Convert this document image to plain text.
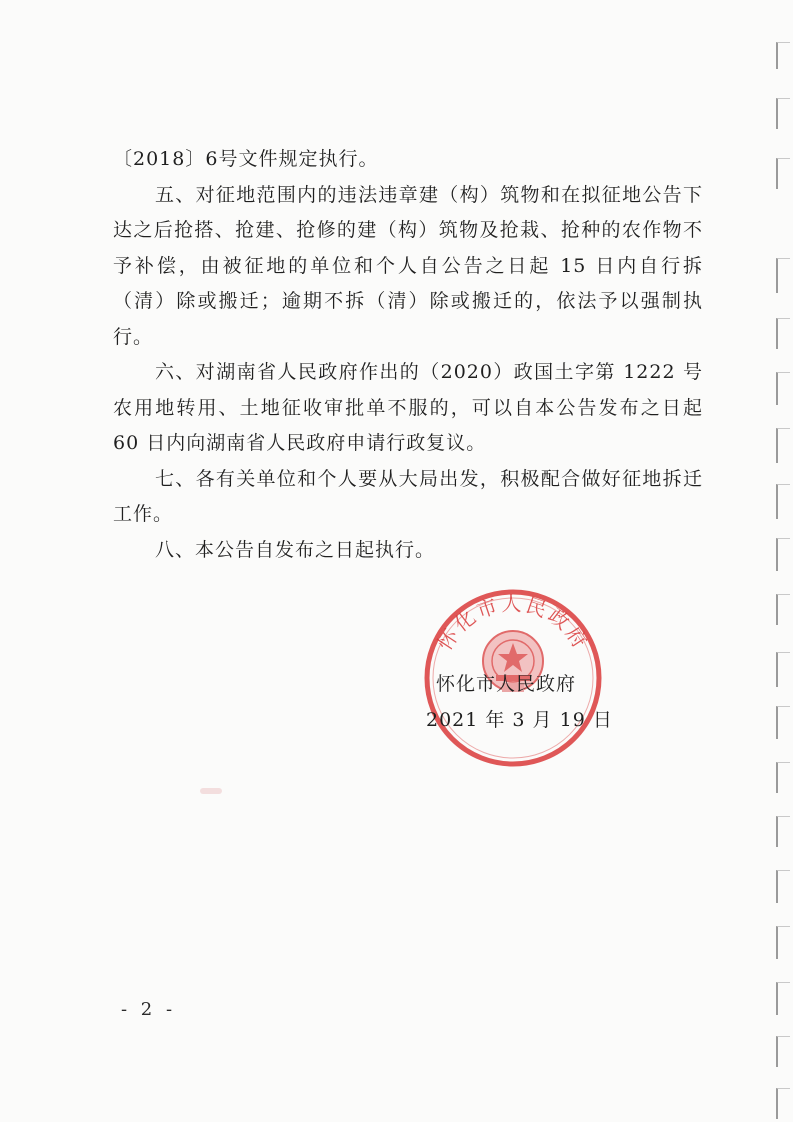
〔2018〕6号文件规定执行。

五、对征地范围内的违法违章建（构）筑物和在拟征地公告下达之后抢搭、抢建、抢修的建（构）筑物及抢栽、抢种的农作物不予补偿，由被征地的单位和个人自公告之日起 15 日内自行拆（清）除或搬迁；逾期不拆（清）除或搬迁的，依法予以强制执行。

六、对湖南省人民政府作出的（2020）政国土字第 1222 号农用地转用、土地征收审批单不服的，可以自本公告发布之日起 60 日内向湖南省人民政府申请行政复议。

七、各有关单位和个人要从大局出发，积极配合做好征地拆迁工作。

八、本公告自发布之日起执行。

怀化市人民政府
怀化市人民政府
2021 年 3 月 19 日
- 2 -
